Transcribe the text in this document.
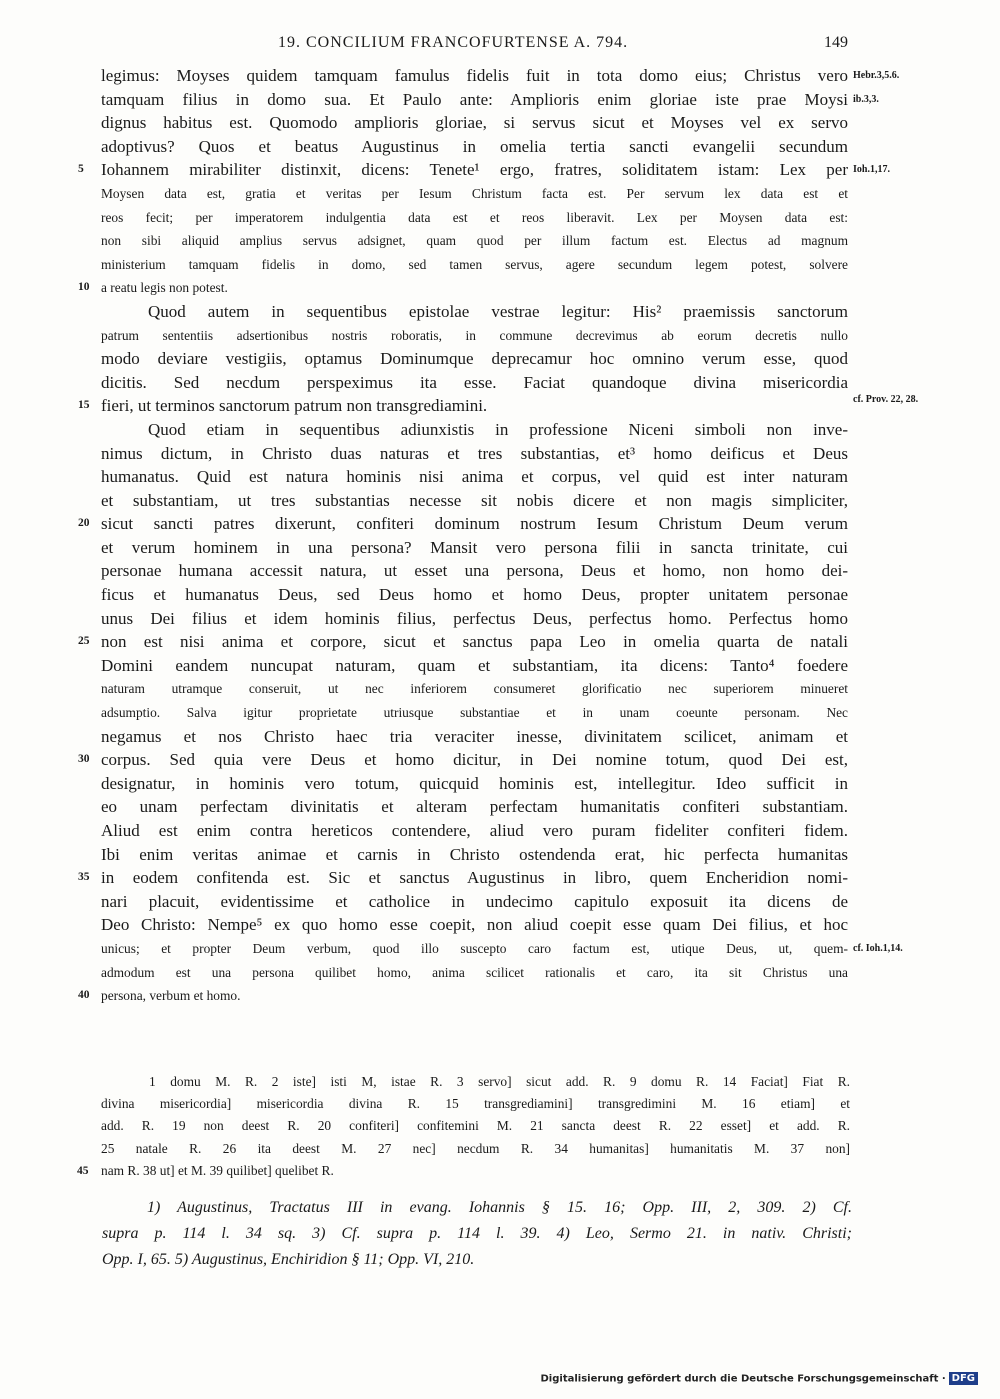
19. CONCILIUM FRANCOFURTENSE A. 794.	149
legimus: Moyses quidem tamquam famulus fidelis fuit in tota domo eius; Christus vero Hebr.3,5.6.
tamquam filius in domo sua. Et Paulo ante: Amplioris enim gloriae iste prae Moysi ib.3,3.
dignus habitus est. Quomodo amplioris gloriae, si servus sicut et Moyses vel ex servo
adoptivus? Quos et beatus Augustinus in omelia tertia sancti evangelii secundum
5 Iohannem mirabiliter distinxit, dicens: Tenete¹ ergo, fratres, soliditatem istam: Lex per Ioh.1,17.
Moysen data est, gratia et veritas per Iesum Christum facta est. Per servum lex data est et
reos fecit; per imperatorem indulgentia data est et reos liberavit. Lex per Moysen data est:
non sibi aliquid amplius servus adsignet, quam quod per illum factum est. Electus ad magnum
ministerium tamquam fidelis in domo, sed tamen servus, agere secundum legem potest, solvere
10 a reatu legis non potest.
Quod autem in sequentibus epistolae vestrae legitur: His² praemissis sanctorum
patrum sententiis adsertionibus nostris roboratis, in commune decrevimus ab eorum decretis nullo
modo deviare vestigiis, optamus Dominumque deprecamur hoc omnino verum esse, quod
dicitis. Sed necdum perspeximus ita esse. Faciat quandoque divina misericordia
15 fieri, ut terminos sanctorum patrum non transgrediamini.	cf. Prov. 22, 28.
Quod etiam in sequentibus adiunxistis in professione Niceni simboli non inve-
nimus dictum, in Christo duas naturas et tres substantias, et³ homo deificus et Deus
humanatus. Quid est natura hominis nisi anima et corpus, vel quid est inter naturam
et substantiam, ut tres substantias necesse sit nobis dicere et non magis simpliciter,
20 sicut sancti patres dixerunt, confiteri dominum nostrum Iesum Christum Deum verum
et verum hominem in una persona? Mansit vero persona filii in sancta trinitate, cui
personae humana accessit natura, ut esset una persona, Deus et homo, non homo dei-
ficus et humanatus Deus, sed Deus homo et homo Deus, propter unitatem personae
unus Dei filius et idem hominis filius, perfectus Deus, perfectus homo. Perfectus homo
25 non est nisi anima et corpore, sicut et sanctus papa Leo in omelia quarta de natali
Domini eandem nuncupat naturam, quam et substantiam, ita dicens: Tanto⁴ foedere
naturam utramque conseruit, ut nec inferiorem consumeret glorificatio nec superiorem minueret
adsumptio. Salva igitur proprietate utriusque substantiae et in unam coeunte personam. Nec
negamus et nos Christo haec tria veraciter inesse, divinitatem scilicet, animam et
30 corpus. Sed quia vere Deus et homo dicitur, in Dei nomine totum, quod Dei est,
designatur, in hominis vero totum, quicquid hominis est, intellegitur. Ideo sufficit in
eo unam perfectam divinitatis et alteram perfectam humanitatis confiteri substantiam.
Aliud est enim contra hereticos contendere, aliud vero puram fideliter confiteri fidem.
Ibi enim veritas animae et carnis in Christo ostendenda erat, hic perfecta humanitas
35 in eodem confitenda est. Sic et sanctus Augustinus in libro, quem Encheridion nomi-
nari placuit, evidentissime et catholice in undecimo capitulo exposuit ita dicens de
Deo Christo: Nempe⁵ ex quo homo esse coepit, non aliud coepit esse quam Dei filius, et hoc
unicus; et propter Deum verbum, quod illo suscepto caro factum est, utique Deus, ut, quem- cf. Ioh.1,14.
admodum est una persona quilibet homo, anima scilicet rationalis et caro, ita sit Christus una
40 persona, verbum et homo.
1 domu M. R. 2 iste] isti M, istae R. 3 servo] sicut add. R. 9 domu R. 14 Faciat] Fiat R.
divina misericordia] misericordia divina R. 15 transgrediamini] transgredimini M. 16 etiam] et
add. R. 19 non deest R. 20 confiteri] confitemini M. 21 sancta deest R. 22 esset] et add. R.
25 natale R. 26 ita deest M. 27 nec] necdum R. 34 humanitas] humanitatis M. 37 non]
45 nam R. 38 ut] et M. 39 quilibet] quelibet R.
1) Augustinus, Tractatus III in evang. Iohannis § 15. 16; Opp. III, 2, 309. 2) Cf.
supra p. 114 l. 34 sq. 3) Cf. supra p. 114 l. 39. 4) Leo, Sermo 21. in nativ. Christi;
Opp. I, 65. 5) Augustinus, Enchiridion § 11; Opp. VI, 210.
Digitalisierung gefördert durch die Deutsche Forschungsgemeinschaft · DFG
